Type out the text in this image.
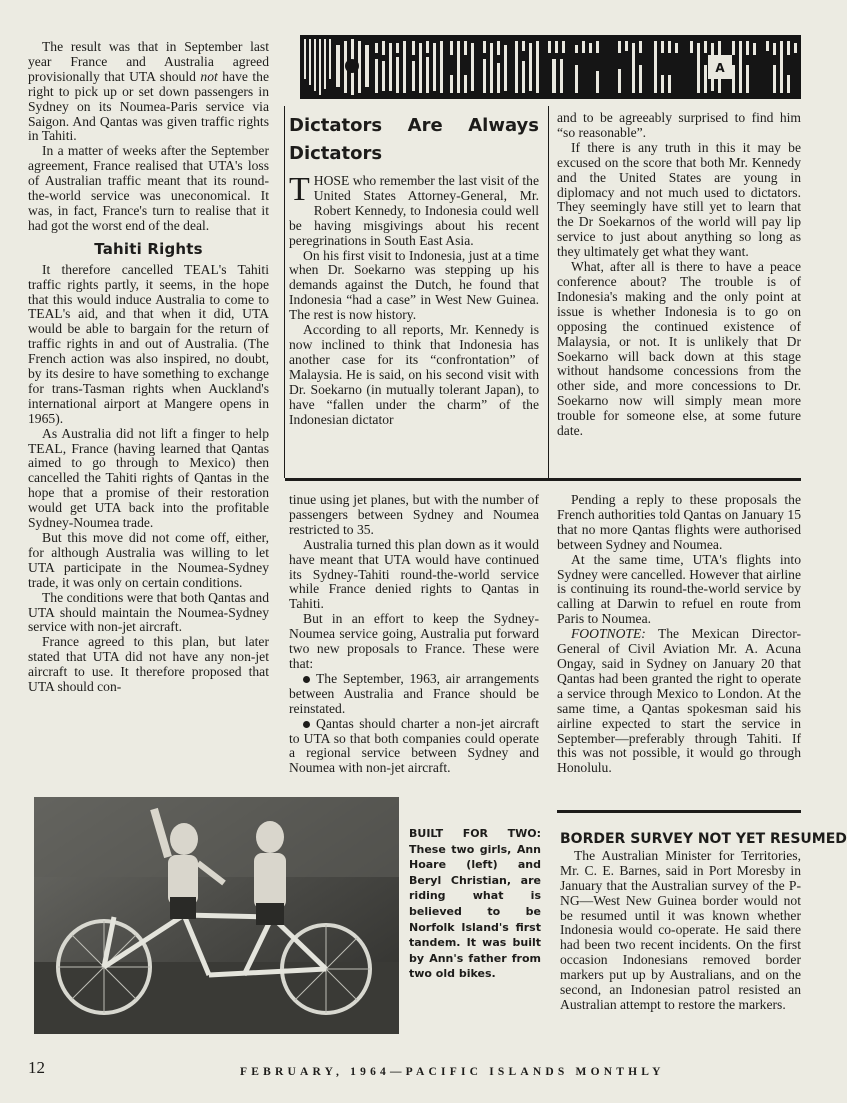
A

The result was that in September last year France and Australia agreed provisionally that UTA should not have the right to pick up or set down passengers in Sydney on its Noumea-Paris service via Saigon. And Qantas was given traffic rights in Tahiti.

In a matter of weeks after the September agreement, France realised that UTA's loss of Australian traffic meant that its round-the-world service was uneconomical. It was, in fact, France's turn to realise that it had got the worst end of the deal.

Tahiti Rights

It therefore cancelled TEAL's Tahiti traffic rights partly, it seems, in the hope that this would induce Australia to come to TEAL's aid, and that when it did, UTA would be able to bargain for the return of traffic rights in and out of Australia. (The French action was also inspired, no doubt, by its desire to have something to exchange for trans-Tasman rights when Auckland's international airport at Mangere opens in 1965).

As Australia did not lift a finger to help TEAL, France (having learned that Qantas aimed to go through to Mexico) then cancelled the Tahiti rights of Qantas in the hope that a promise of their restoration would get UTA back into the profitable Sydney-Noumea trade.

But this move did not come off, either, for although Australia was willing to let UTA participate in the Noumea-Sydney trade, it was only on certain conditions.

The conditions were that both Qantas and UTA should maintain the Noumea-Sydney service with non-jet aircraft.

France agreed to this plan, but later stated that UTA did not have any non-jet aircraft to use. It therefore proposed that UTA should con-

Dictators Are Always Dictators

T HOSE who remember the last visit of the United States Attorney-General, Mr. Robert Kennedy, to Indonesia could well be having misgivings about his recent peregrinations in South East Asia.

On his first visit to Indonesia, just at a time when Dr. Soekarno was stepping up his demands against the Dutch, he found that Indonesia “had a case” in West New Guinea. The rest is now history.

According to all reports, Mr. Kennedy is now inclined to think that Indonesia has another case for its “confrontation” of Malaysia. He is said, on his second visit with Dr. Soekarno (in mutually tolerant Japan), to have “fallen under the charm” of the Indonesian dictator

and to be agreeably surprised to find him “so reasonable”.

If there is any truth in this it may be excused on the score that both Mr. Kennedy and the United States are young in diplomacy and not much used to dictators. They seemingly have still yet to learn that the Dr Soekarnos of the world will pay lip service to just about anything so long as they ultimately get what they want.

What, after all is there to have a peace conference about? The trouble is of Indonesia's making and the only point at issue is whether Indonesia is to go on opposing the continued existence of Malaysia, or not. It is unlikely that Dr Soekarno will back down at this stage without handsome concessions from the other side, and more concessions to Dr. Soekarno now will simply mean more trouble for someone else, at some future date.

tinue using jet planes, but with the number of passengers between Sydney and Noumea restricted to 35.

Australia turned this plan down as it would have meant that UTA would have continued its Sydney-Tahiti round-the-world service while France denied rights to Qantas in Tahiti.

But in an effort to keep the Sydney-Noumea service going, Australia put forward two new proposals to France. These were that:

The September, 1963, air arrangements between Australia and France should be reinstated.

Qantas should charter a non-jet aircraft to UTA so that both companies could operate a regional service between Sydney and Noumea with non-jet aircraft.

Pending a reply to these proposals the French authorities told Qantas on January 15 that no more Qantas flights were authorised between Sydney and Noumea.

At the same time, UTA's flights into Sydney were cancelled. However that airline is continuing its round-the-world service by calling at Darwin to refuel en route from Paris to Noumea.

FOOTNOTE: The Mexican Director-General of Civil Aviation Mr. A. Acuna Ongay, said in Sydney on January 20 that Qantas had been granted the right to operate a service through Mexico to London. At the same time, a Qantas spokesman said his airline expected to start the service in September—preferably through Tahiti. If this was not possible, it would go through Honolulu.

BORDER SURVEY NOT YET RESUMED

The Australian Minister for Territories, Mr. C. E. Barnes, said in Port Moresby in January that the Australian survey of the P-NG—West New Guinea border would not be resumed until it was known whether Indonesia would co-operate. He said there had been two recent incidents. On the first occasion Indonesians removed border markers put up by Australians, and on the second, an Indonesian patrol resisted an Australian attempt to restore the markers.

BUILT FOR TWO: These two girls, Ann Hoare (left) and Beryl Christian, are riding what is believed to be Norfolk Island's first tandem. It was built by Ann's father from two old bikes.
12	FEBRUARY, 1964—PACIFIC ISLANDS MONTHLY
